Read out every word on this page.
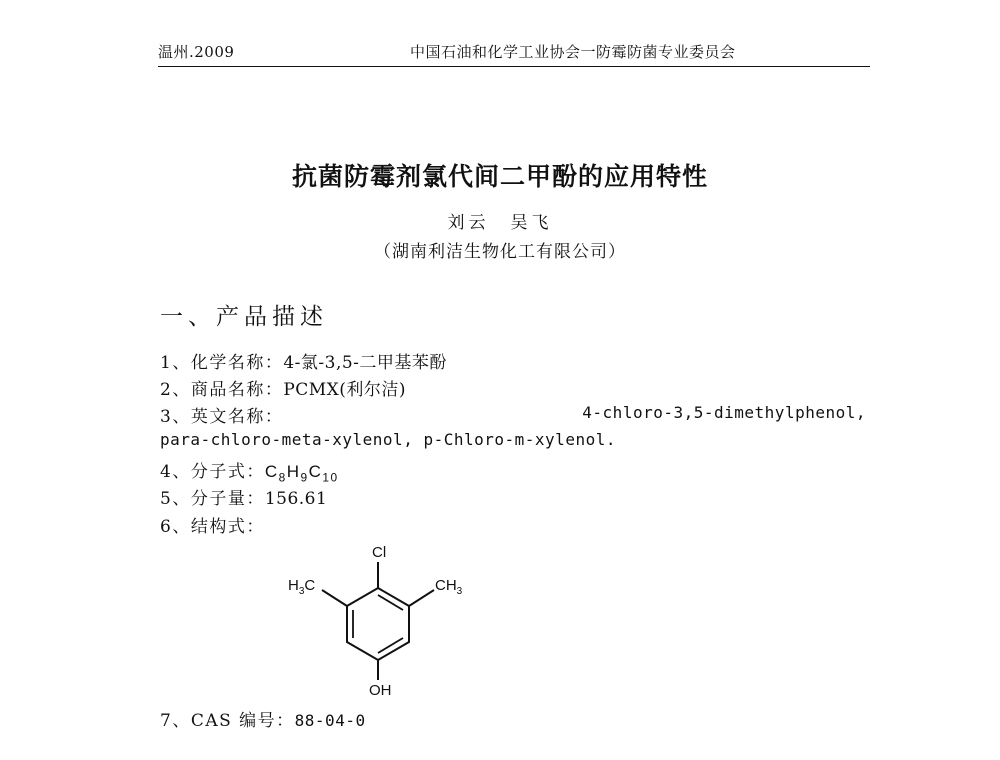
温州.2009	中国石油和化学工业协会一防霉防菌专业委员会
抗菌防霉剂氯代间二甲酚的应用特性
刘云　吴飞
（湖南利洁生物化工有限公司）
一、产品描述
1、化学名称：4-氯-3,5-二甲基苯酚
2、商品名称：PCMX(利尔洁)
3、英文名称：	4-chloro-3,5-dimethylphenol,
para-chloro-meta-xylenol, p-Chloro-m-xylenol.
4、分子式：$C_8H_9C_{10}$
5、分子量：156.61
6、结构式：
Cl
$H_3C$	$CH_3$
OH
7、CAS 编号：88-04-0
